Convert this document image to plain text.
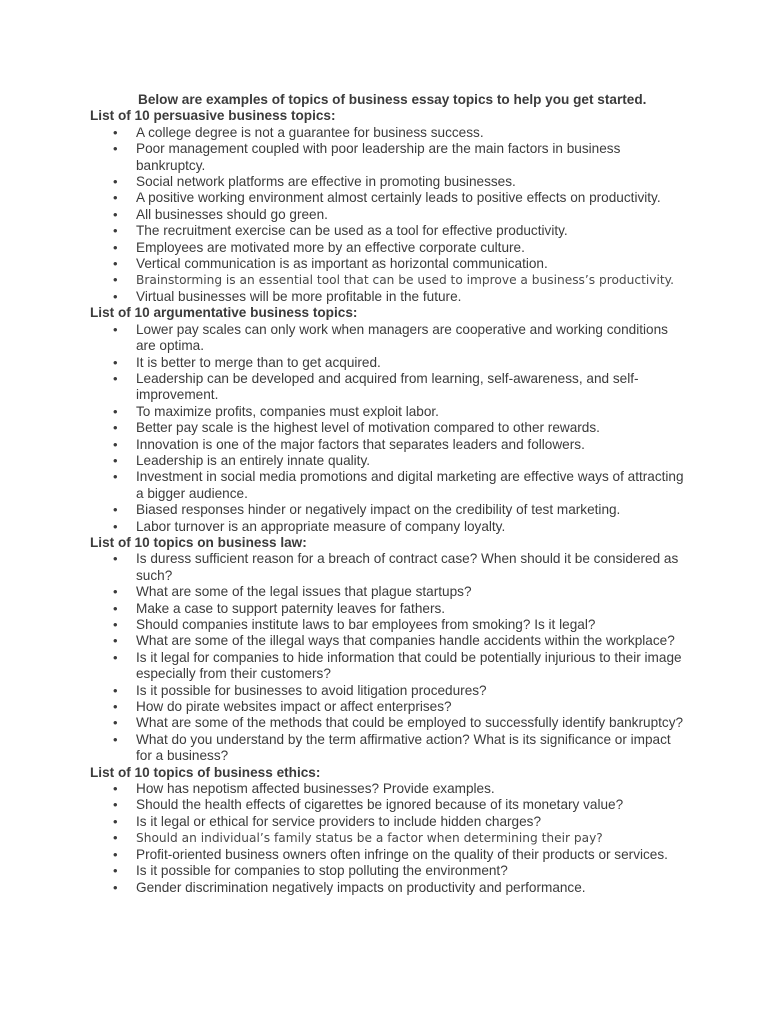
Below are examples of topics of business essay topics to help you get started.

List of 10 persuasive business topics:

• A college degree is not a guarantee for business success.
• Poor management coupled with poor leadership are the main factors in business bankruptcy.
• Social network platforms are effective in promoting businesses.
• A positive working environment almost certainly leads to positive effects on productivity.
• All businesses should go green.
• The recruitment exercise can be used as a tool for effective productivity.
• Employees are motivated more by an effective corporate culture.
• Vertical communication is as important as horizontal communication.
• Brainstorming is an essential tool that can be used to improve a business’s productivity.
• Virtual businesses will be more profitable in the future.

List of 10 argumentative business topics:

• Lower pay scales can only work when managers are cooperative and working conditions are optima.
• It is better to merge than to get acquired.
• Leadership can be developed and acquired from learning, self-awareness, and self-improvement.
• To maximize profits, companies must exploit labor.
• Better pay scale is the highest level of motivation compared to other rewards.
• Innovation is one of the major factors that separates leaders and followers.
• Leadership is an entirely innate quality.
• Investment in social media promotions and digital marketing are effective ways of attracting a bigger audience.
• Biased responses hinder or negatively impact on the credibility of test marketing.
• Labor turnover is an appropriate measure of company loyalty.

List of 10 topics on business law:

• Is duress sufficient reason for a breach of contract case? When should it be considered as such?
• What are some of the legal issues that plague startups?
• Make a case to support paternity leaves for fathers.
• Should companies institute laws to bar employees from smoking? Is it legal?
• What are some of the illegal ways that companies handle accidents within the workplace?
• Is it legal for companies to hide information that could be potentially injurious to their image especially from their customers?
• Is it possible for businesses to avoid litigation procedures?
• How do pirate websites impact or affect enterprises?
• What are some of the methods that could be employed to successfully identify bankruptcy?
• What do you understand by the term affirmative action? What is its significance or impact for a business?

List of 10 topics of business ethics:

• How has nepotism affected businesses? Provide examples.
• Should the health effects of cigarettes be ignored because of its monetary value?
• Is it legal or ethical for service providers to include hidden charges?
• Should an individual’s family status be a factor when determining their pay?
• Profit-oriented business owners often infringe on the quality of their products or services.
• Is it possible for companies to stop polluting the environment?
• Gender discrimination negatively impacts on productivity and performance.
